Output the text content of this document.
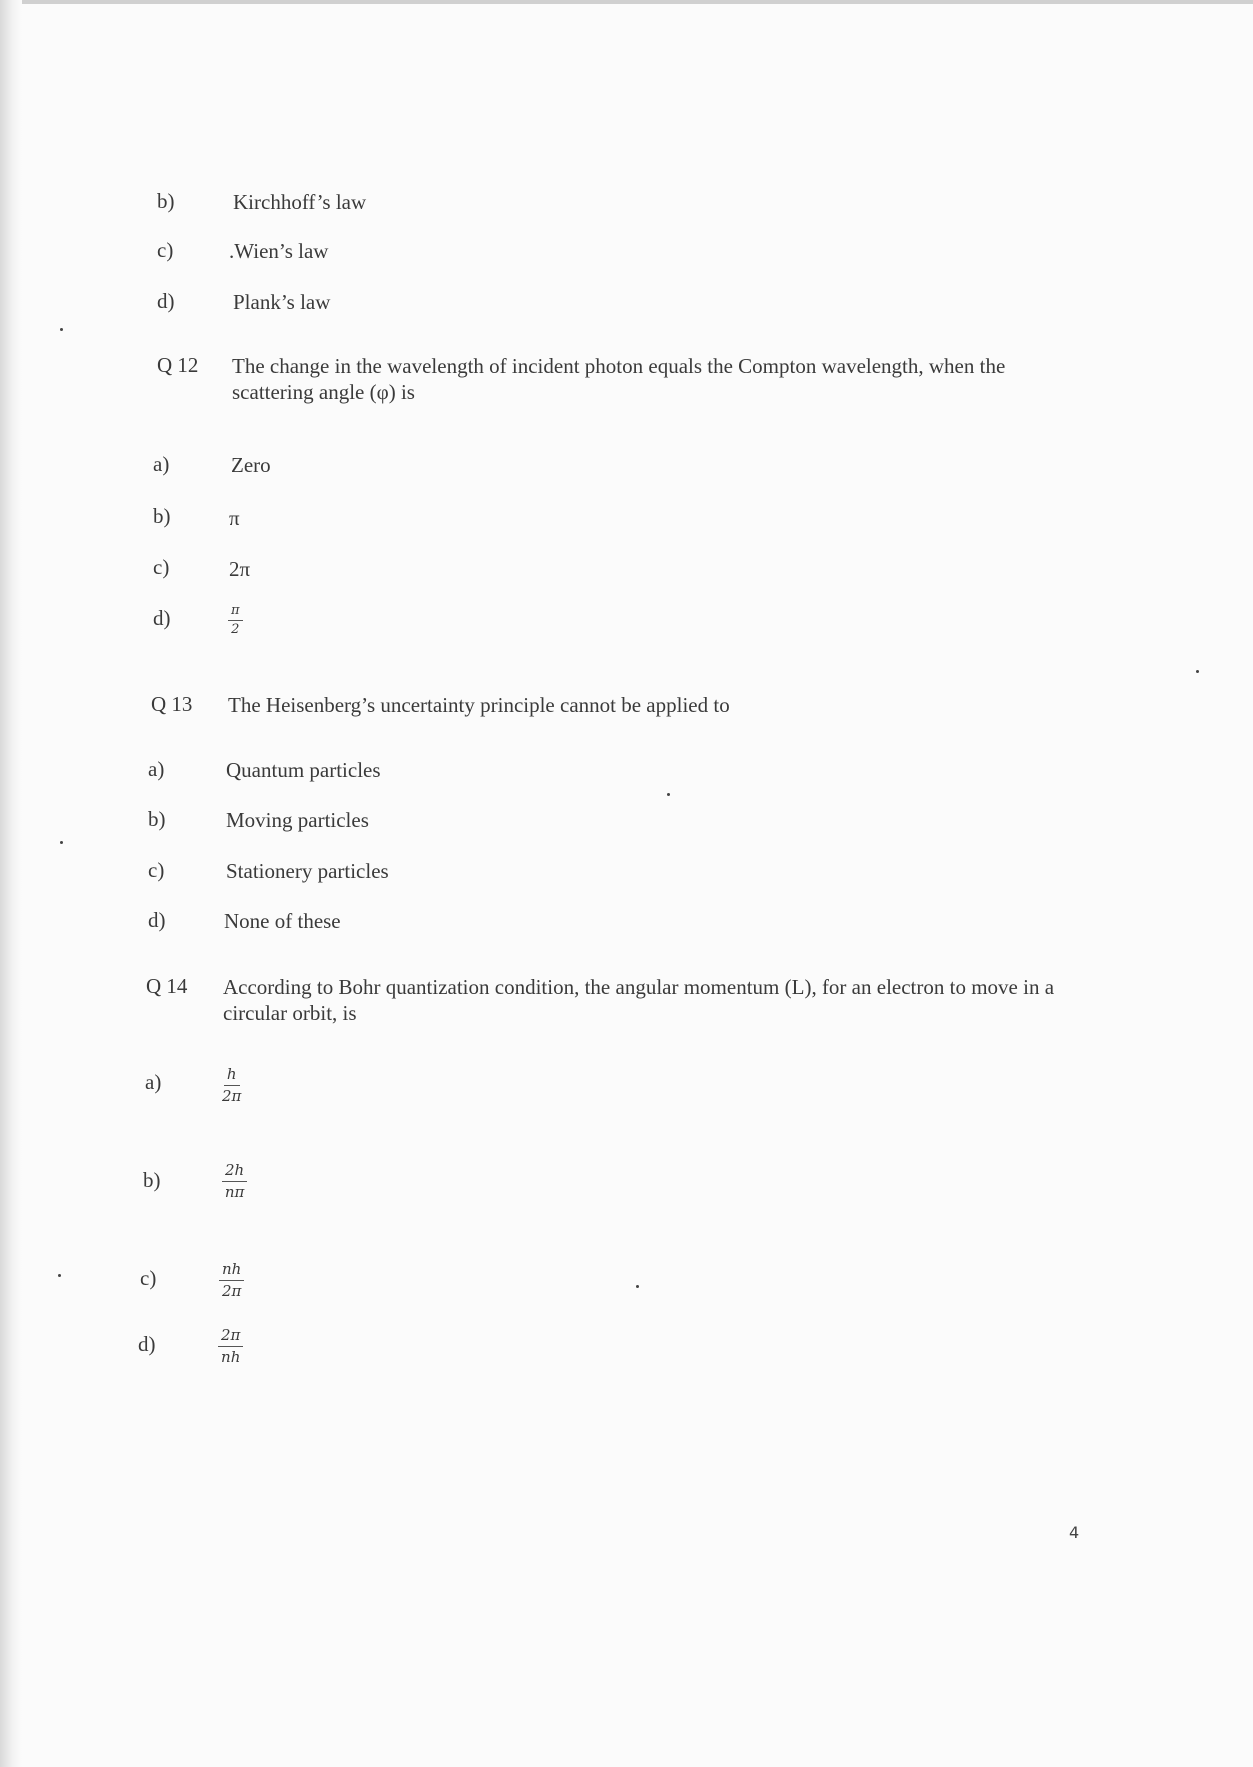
b)	Kirchhoff’s law
c)	.Wien’s law
d)	Plank’s law
Q 12 The change in the wavelength of incident photon equals the Compton wavelength, when the scattering angle (φ) is
a)	Zero
b)	π
c)	2π
d)	$\frac{\pi}{2}$
Q 13 The Heisenberg’s uncertainty principle cannot be applied to
a)	Quantum particles
b)	Moving particles
c)	Stationery particles
d)	None of these
Q 14 According to Bohr quantization condition, the angular momentum (L), for an electron to move in a circular orbit, is
a)	$\frac{h}{2\pi}$
b)	$\frac{2h}{n\pi}$
c)	$\frac{nh}{2\pi}$
d)	$\frac{2\pi}{nh}$
4
